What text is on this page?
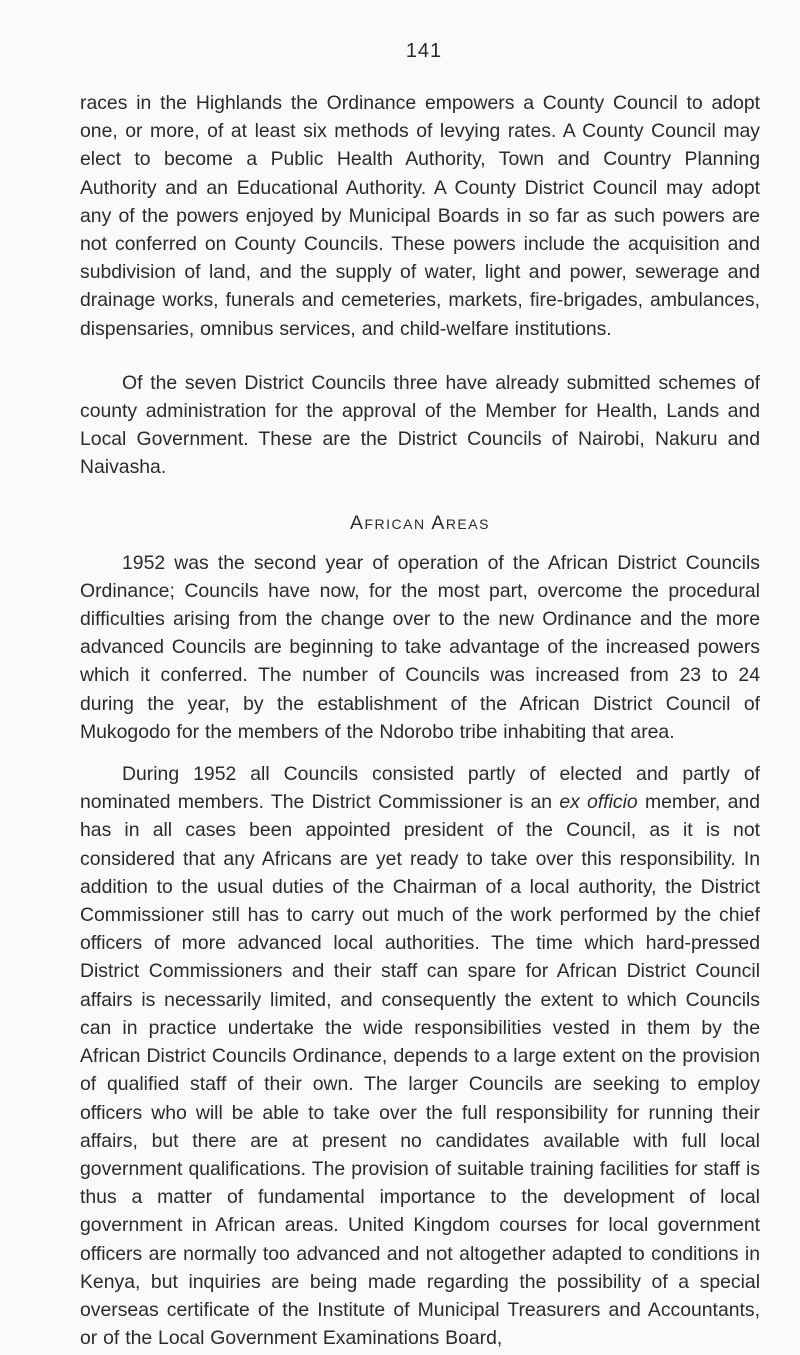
141

races in the Highlands the Ordinance empowers a County Council to adopt one, or more, of at least six methods of levying rates. A County Council may elect to become a Public Health Authority, Town and Country Planning Authority and an Educational Authority. A County District Council may adopt any of the powers enjoyed by Municipal Boards in so far as such powers are not conferred on County Councils. These powers include the acquisition and subdivision of land, and the supply of water, light and power, sewerage and drainage works, funerals and cemeteries, markets, fire-brigades, ambulances, dispensaries, omnibus services, and child-welfare institutions.

Of the seven District Councils three have already submitted schemes of county administration for the approval of the Member for Health, Lands and Local Government. These are the District Councils of Nairobi, Nakuru and Naivasha.

African Areas

1952 was the second year of operation of the African District Councils Ordinance; Councils have now, for the most part, overcome the procedural difficulties arising from the change over to the new Ordinance and the more advanced Councils are beginning to take advantage of the increased powers which it conferred. The number of Councils was increased from 23 to 24 during the year, by the establishment of the African District Council of Mukogodo for the members of the Ndorobo tribe inhabiting that area.

During 1952 all Councils consisted partly of elected and partly of nominated members. The District Commissioner is an ex officio member, and has in all cases been appointed president of the Council, as it is not considered that any Africans are yet ready to take over this responsibility. In addition to the usual duties of the Chairman of a local authority, the District Commissioner still has to carry out much of the work performed by the chief officers of more advanced local authorities. The time which hard-pressed District Commissioners and their staff can spare for African District Council affairs is necessarily limited, and consequently the extent to which Councils can in practice undertake the wide responsibilities vested in them by the African District Councils Ordinance, depends to a large extent on the provision of qualified staff of their own. The larger Councils are seeking to employ officers who will be able to take over the full responsibility for running their affairs, but there are at present no candidates available with full local government qualifications. The provision of suitable training facilities for staff is thus a matter of fundamental importance to the development of local government in African areas. United Kingdom courses for local government officers are normally too advanced and not altogether adapted to conditions in Kenya, but inquiries are being made regarding the possibility of a special overseas certificate of the Institute of Municipal Treasurers and Accountants, or of the Local Government Examinations Board,
